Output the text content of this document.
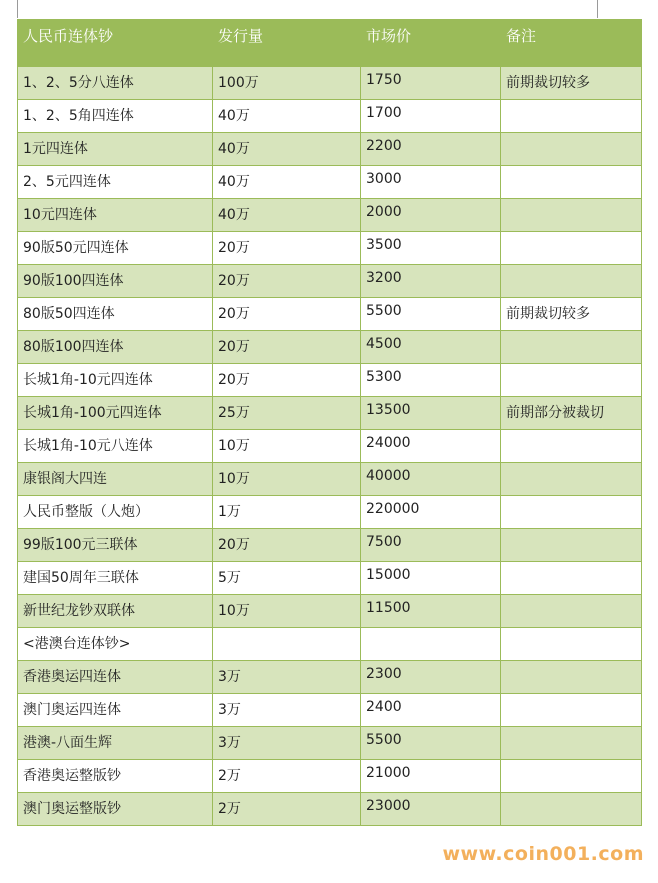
人民币连体钞	发行量	市场价	备注
1、2、5分八连体	100万	1750	前期裁切较多
1、2、5角四连体	40万	1700	
1元四连体	40万	2200	
2、5元四连体	40万	3000	
10元四连体	40万	2000	
90版50元四连体	20万	3500	
90版100四连体	20万	3200	
80版50四连体	20万	5500	前期裁切较多
80版100四连体	20万	4500	
长城1角-10元四连体	20万	5300	
长城1角-100元四连体	25万	13500	前期部分被裁切
长城1角-10元八连体	10万	24000	
康银阁大四连	10万	40000	
人民币整版（人炮）	1万	220000	
99版100元三联体	20万	7500	
建国50周年三联体	5万	15000	
新世纪龙钞双联体	10万	11500	
<港澳台连体钞>			
香港奥运四连体	3万	2300	
澳门奥运四连体	3万	2400	
港澳-八面生辉	3万	5500	
香港奥运整版钞	2万	21000	
澳门奥运整版钞	2万	23000	
www.coin001.com
